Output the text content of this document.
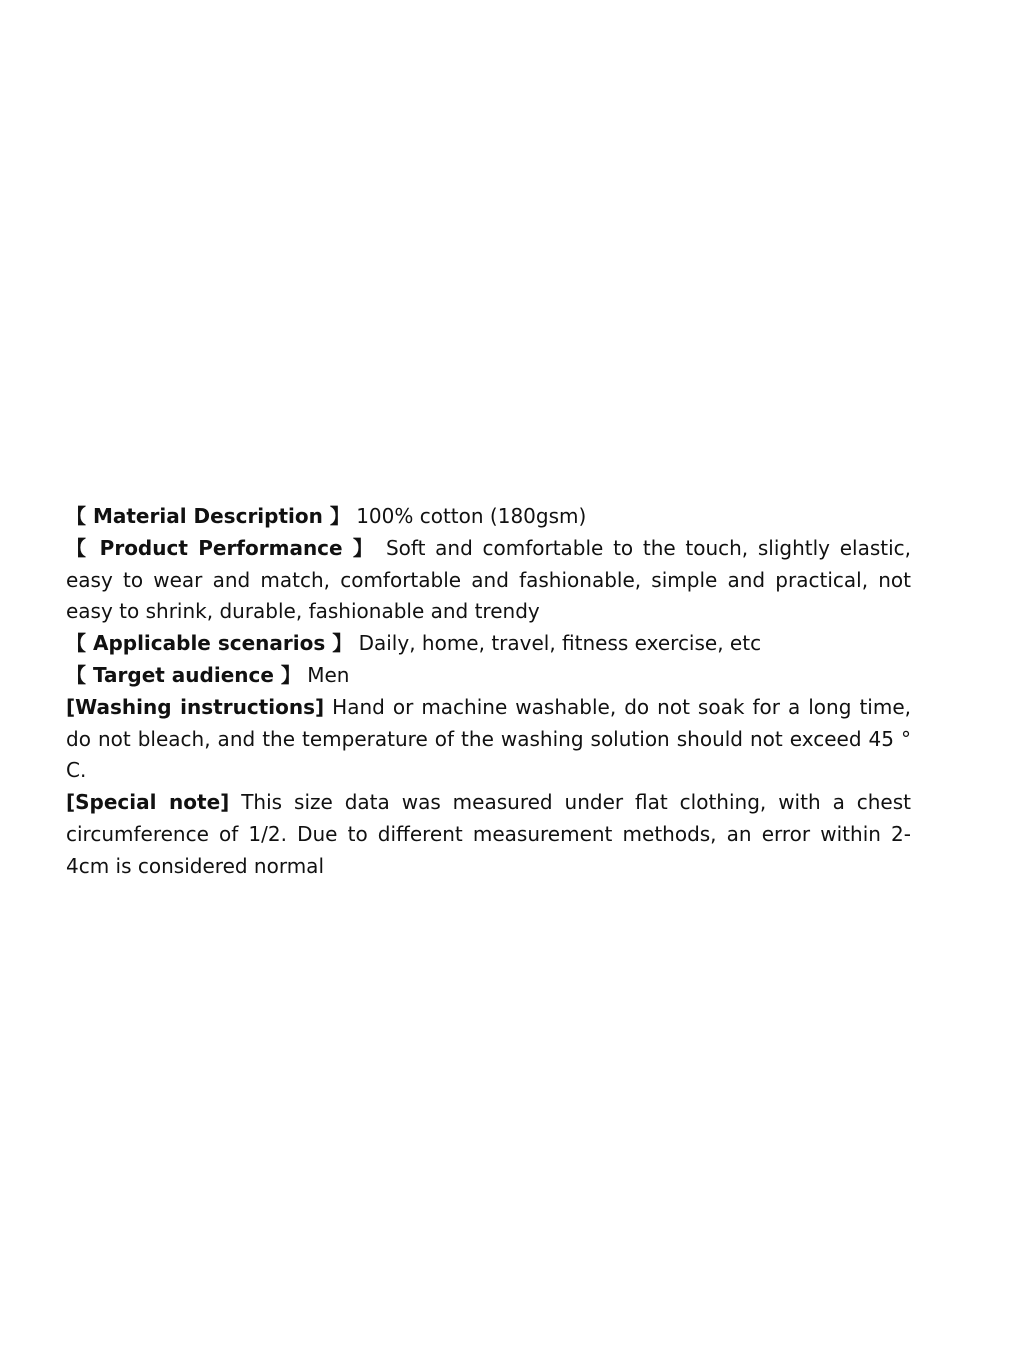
【 Material Description 】 100% cotton (180gsm)

【 Product Performance 】 Soft and comfortable to the touch, slightly elastic, easy to wear and match, comfortable and fashionable, simple and practical, not easy to shrink, durable, fashionable and trendy

【 Applicable scenarios 】 Daily, home, travel, fitness exercise, etc

【 Target audience 】 Men

[Washing instructions] Hand or machine washable, do not soak for a long time, do not bleach, and the temperature of the washing solution should not exceed 45 ° C.

[Special note] This size data was measured under flat clothing, with a chest circumference of 1/2. Due to different measurement methods, an error within 2-4cm is considered normal
